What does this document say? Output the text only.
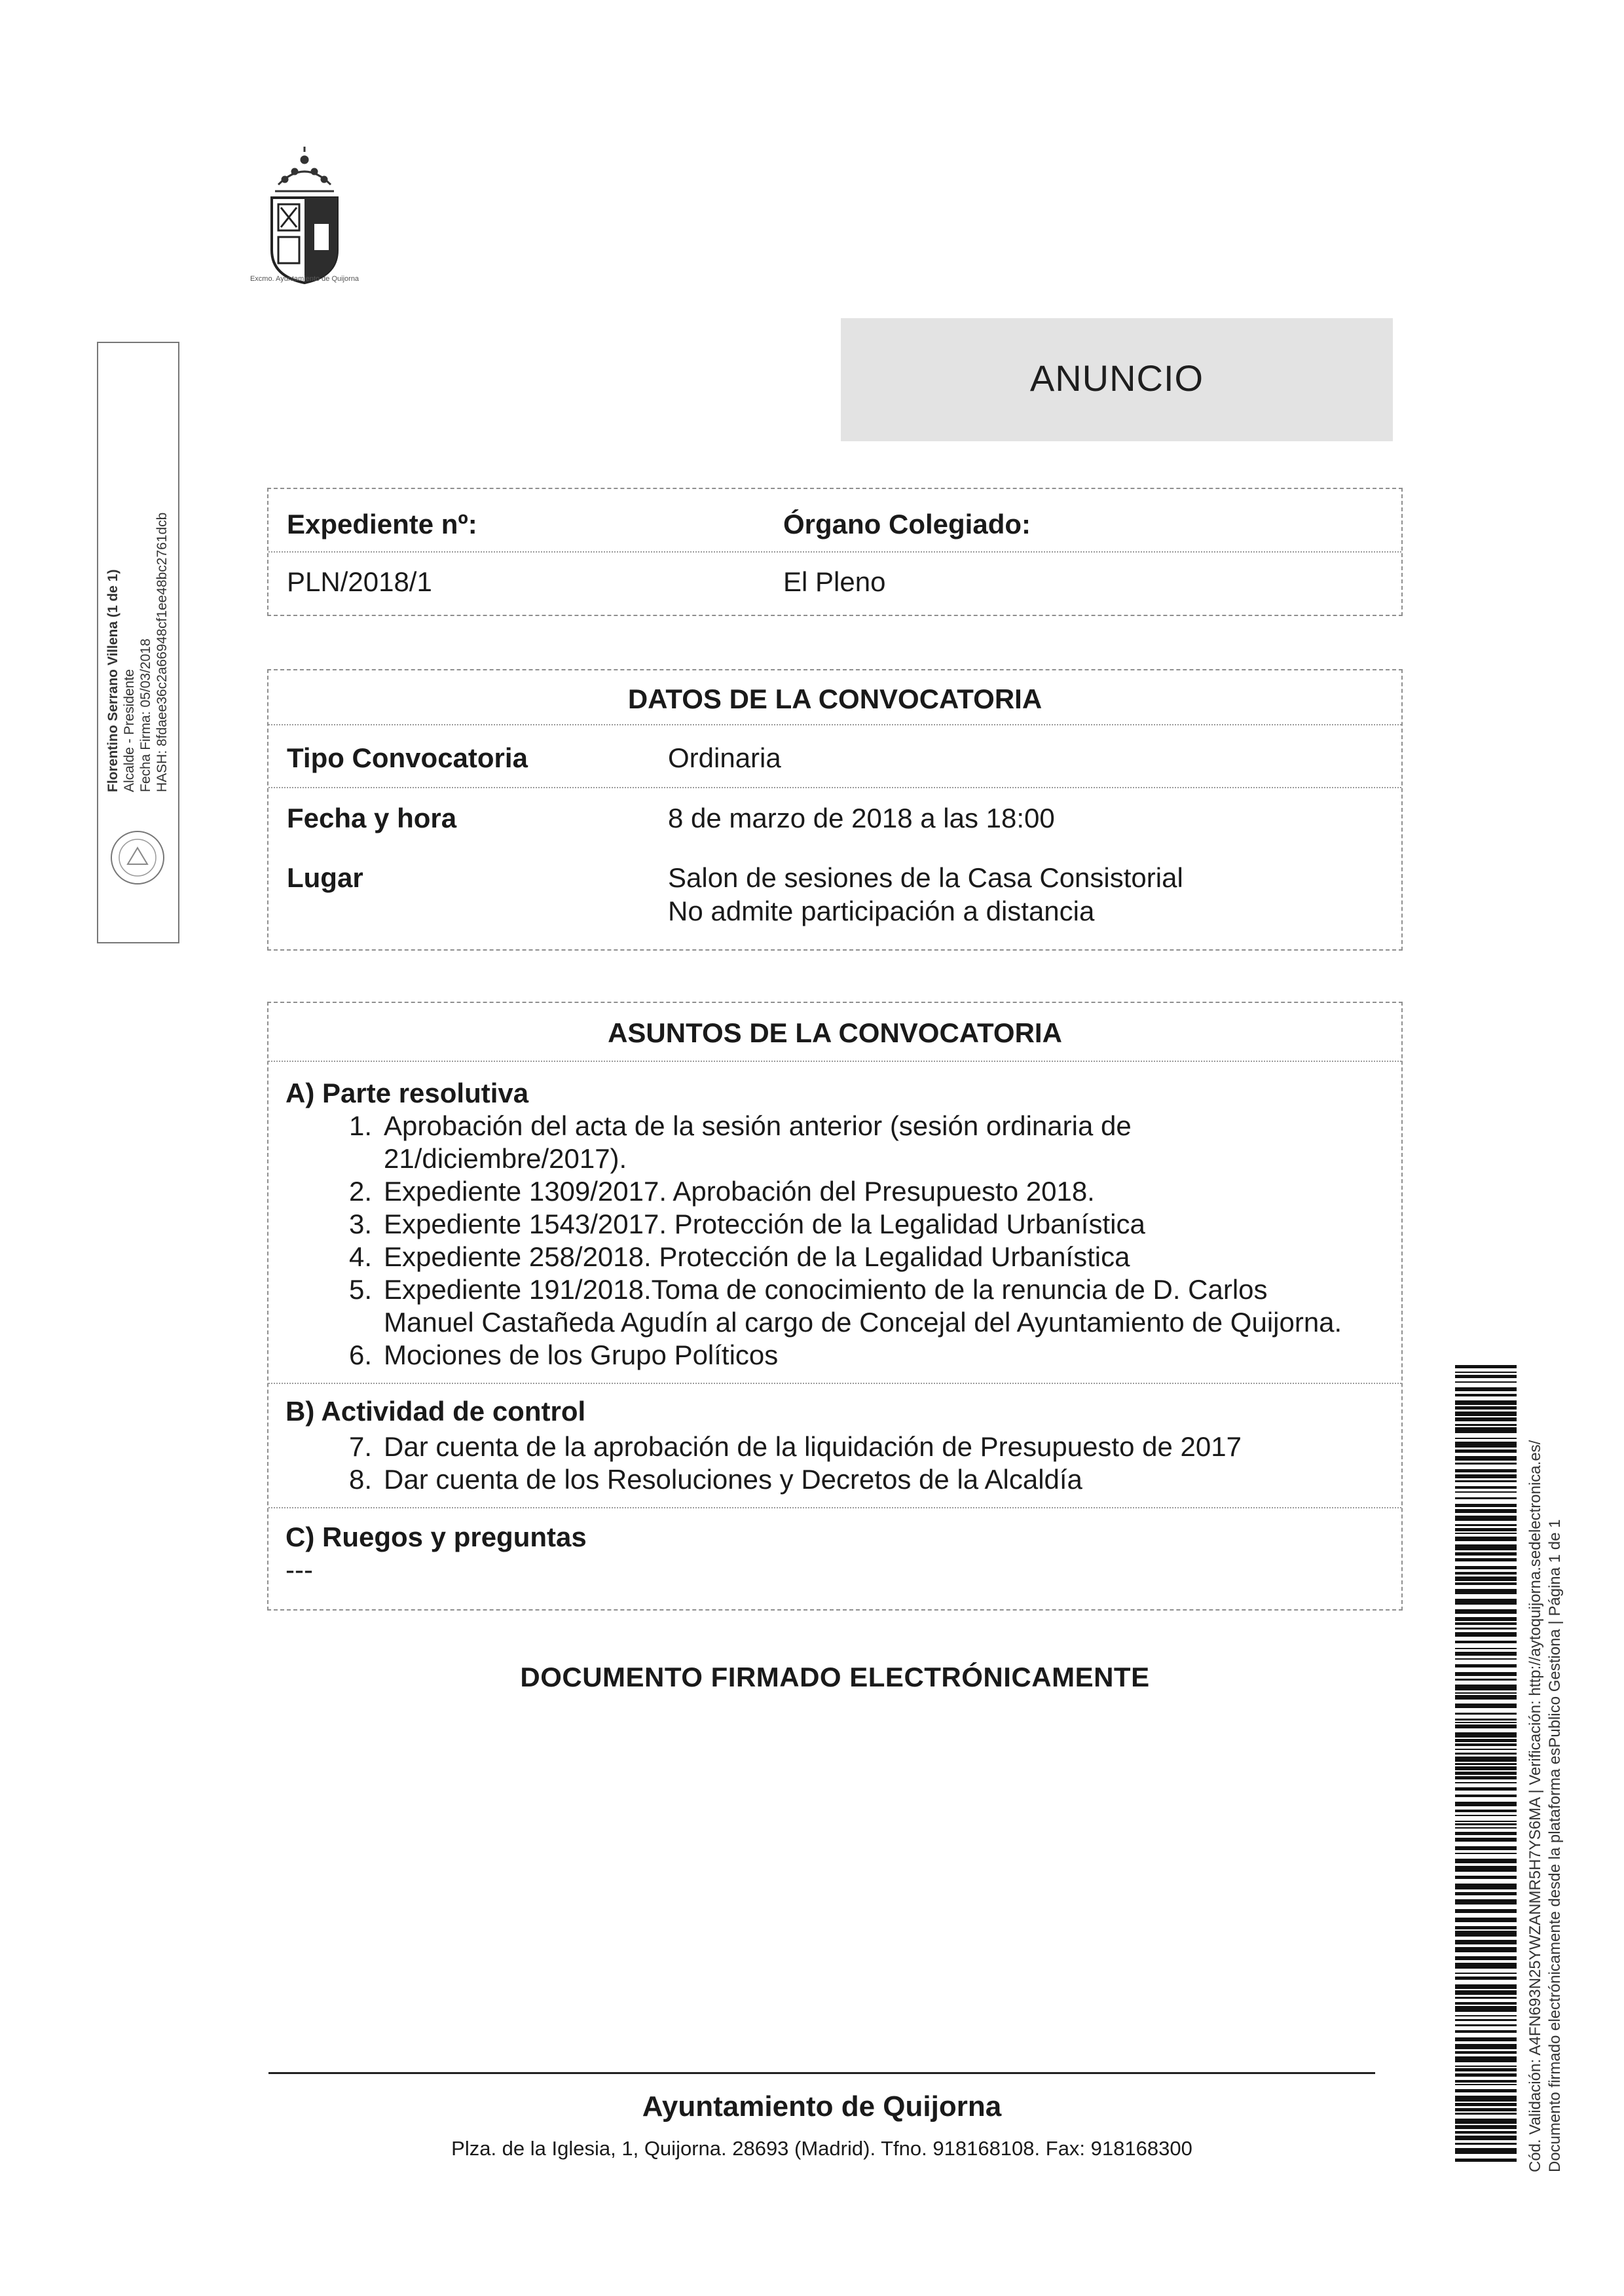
Excmo. Ayuntamiento de Quijorna
Florentino Serrano Villena (1 de 1) Alcalde - Presidente Fecha Firma: 05/03/2018 HASH: 8fdaee36c2a66948cf1ee48bc2761dcb
ANUNCIO
Expediente nº:	Órgano Colegiado:
PLN/2018/1	El Pleno
DATOS DE LA CONVOCATORIA
Tipo Convocatoria	Ordinaria
Fecha y hora	8 de marzo de 2018 a las 18:00
Lugar	Salon de sesiones de la Casa Consistorial
No admite participación a distancia
ASUNTOS DE LA CONVOCATORIA
A) Parte resolutiva
1. Aprobación del acta de la sesión anterior (sesión ordinaria de
21/diciembre/2017).
2. Expediente 1309/2017. Aprobación del Presupuesto 2018.
3. Expediente 1543/2017. Protección de la Legalidad Urbanística
4. Expediente 258/2018. Protección de la Legalidad Urbanística
5. Expediente 191/2018.Toma de conocimiento de la renuncia de D. Carlos
Manuel Castañeda Agudín al cargo de Concejal del Ayuntamiento de Quijorna.
6. Mociones de los Grupo Políticos
B) Actividad de control
7. Dar cuenta de la aprobación de la liquidación de Presupuesto de 2017
8. Dar cuenta de los Resoluciones y Decretos de la Alcaldía
C) Ruegos y preguntas
---
DOCUMENTO FIRMADO ELECTRÓNICAMENTE
Ayuntamiento de Quijorna
Plza. de la Iglesia, 1, Quijorna. 28693 (Madrid). Tfno. 918168108. Fax: 918168300	Cód. Validación: A4FN693N25YWZANMR5H7YS6MA | Verificación: http://aytoquijorna.sedelectronica.es/ Documento firmado electrónicamente desde la plataforma esPublico Gestiona | Página 1 de 1
